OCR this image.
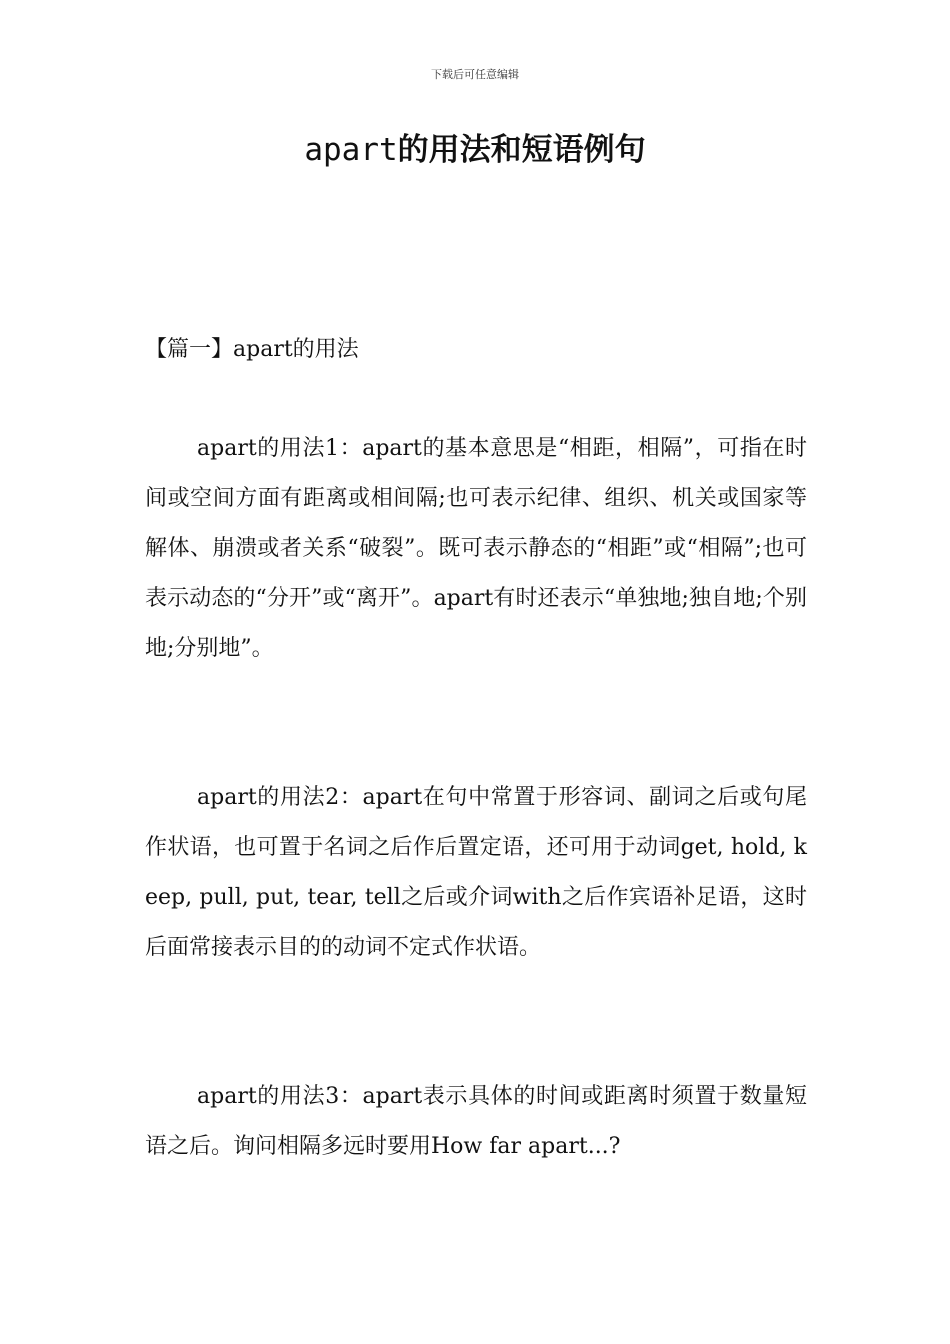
下载后可任意编辑
apart的用法和短语例句
【篇一】apart的用法

apart的用法1：apart的基本意思是“相距，相隔”，可指在时间或空间方面有距离或相间隔;也可表示纪律、组织、机关或国家等解体、崩溃或者关系“破裂”。既可表示静态的“相距”或“相隔”;也可表示动态的“分开”或“离开”。apart有时还表示“单独地;独自地;个别地;分别地”。

apart的用法2：apart在句中常置于形容词、副词之后或句尾作状语，也可置于名词之后作后置定语，还可用于动词get, hold, keep, pull, put, tear, tell之后或介词with之后作宾语补足语，这时后面常接表示目的的动词不定式作状语。

apart的用法3：apart表示具体的时间或距离时须置于数量短语之后。询问相隔多远时要用How far apart...?
